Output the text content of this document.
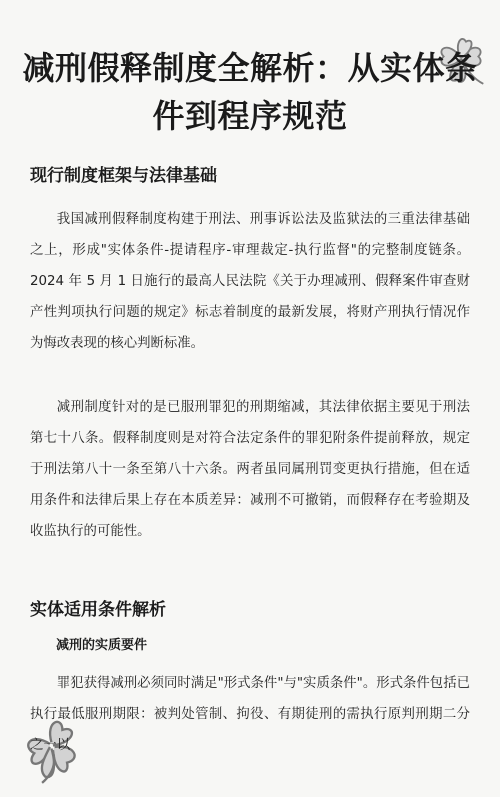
减刑假释制度全解析：从实体条件到程序规范
现行制度框架与法律基础

我国减刑假释制度构建于刑法、刑事诉讼法及监狱法的三重法律基础之上，形成"实体条件-提请程序-审理裁定-执行监督"的完整制度链条。2024 年 5 月 1 日施行的最高人民法院《关于办理减刑、假释案件审查财产性判项执行问题的规定》标志着制度的最新发展，将财产刑执行情况作为悔改表现的核心判断标准。

减刑制度针对的是已服刑罪犯的刑期缩减，其法律依据主要见于刑法第七十八条。假释制度则是对符合法定条件的罪犯附条件提前释放，规定于刑法第八十一条至第八十六条。两者虽同属刑罚变更执行措施，但在适用条件和法律后果上存在本质差异：减刑不可撤销，而假释存在考验期及收监执行的可能性。

实体适用条件解析
减刑的实质要件

罪犯获得减刑必须同时满足"形式条件"与"实质条件"。形式条件包括已执行最低服刑期限：被判处管制、拘役、有期徒刑的需执行原判刑期二分之一以
